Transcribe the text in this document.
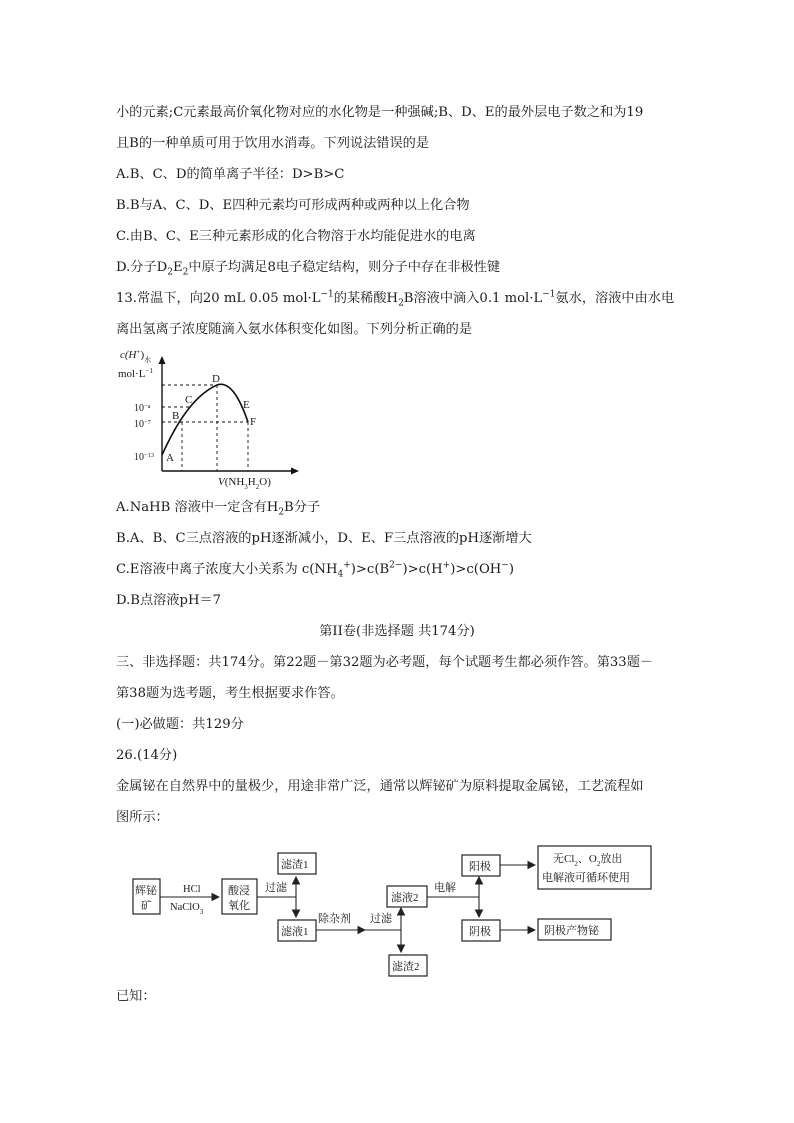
小的元素;C元素最高价氧化物对应的水化物是一种强碱;B、D、E的最外层电子数之和为19
且B的一种单质可用于饮用水消毒。下列说法错误的是
A.B、C、D的简单离子半径：D>B>C
B.B与A、C、D、E四种元素均可形成两种或两种以上化合物
C.由B、C、E三种元素形成的化合物溶于水均能促进水的电离
D.分子$D_2E_2$中原子均满足8电子稳定结构，则分子中存在非极性键
13.常温下，向20 mL 0.05 $mol\cdot L^{-1}$的某稀酸$H_2B$溶液中滴入0.1 $mol\cdot L^{-1}$氨水，溶液中由水电
离出氢离子浓度随滴入氨水体积变化如图。下列分析正确的是
$c(H^+)_水$
$mol\cdot L^{-1}$
$10^{-a}$
$10^{-7}$
$10^{-13}$ A
B
C
D
E
F
$V(NH_3H_2O)$
A.NaHB 溶液中一定含有$H_2B$分子
B.A、B、C三点溶液的pH逐渐减小，D、E、F三点溶液的pH逐渐增大
C.E溶液中离子浓度大小关系为 $c(NH_4^+)>c(B^{2-})>c(H^+)>c(OH^-)$
D.B点溶液pH＝7
第II卷(非选择题 共174分)
三、非选择题：共174分。第22题－第32题为必考题，每个试题考生都必须作答。第33题－
第38题为选考题，考生根据要求作答。
(一)必做题：共129分
26.(14分)
金属铋在自然界中的量极少，用途非常广泛，通常以辉铋矿为原料提取金属铋，工艺流程如
图所示：
辉铋
矿
HCl
NaClO$_3$
酸浸
氧化
过滤
滤渣1
滤液1
除杂剂 过滤
滤液2
滤渣2
电解
阳极
阴极
无$Cl_2$、$O_2$放出
电解液可循环使用
阴极产物铋
已知：
